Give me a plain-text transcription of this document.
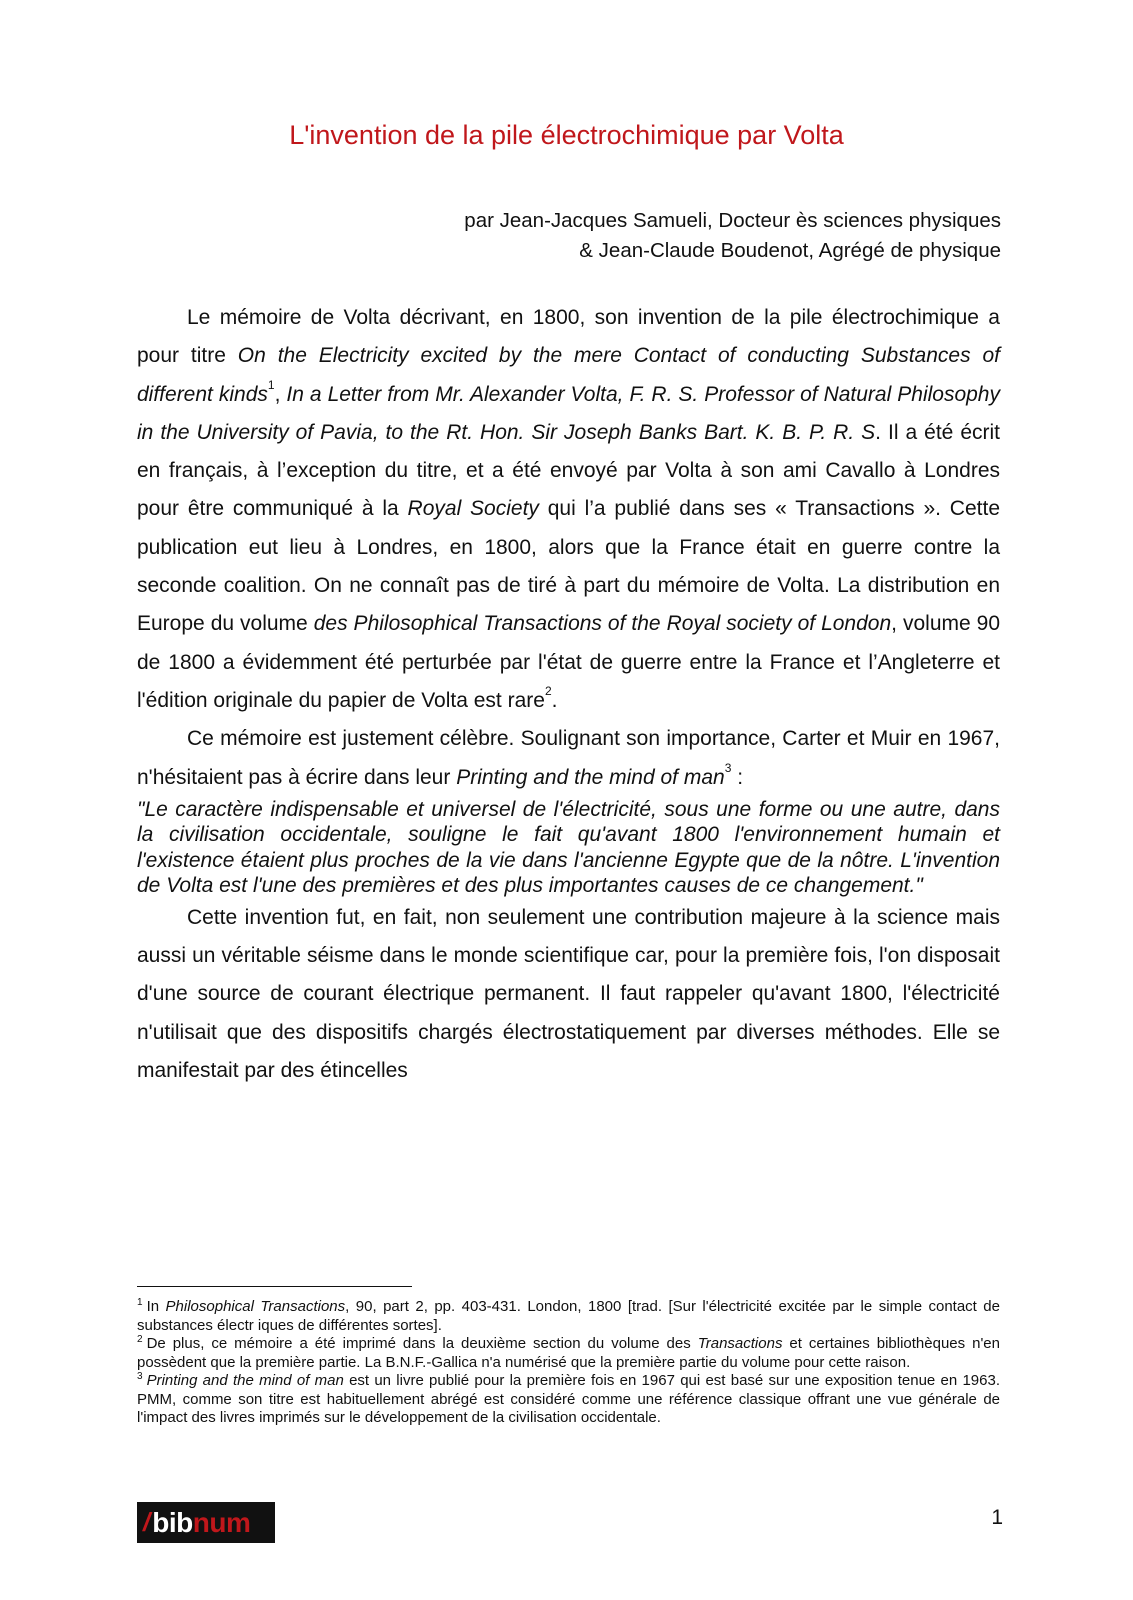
L'invention de la pile électrochimique par Volta
par Jean-Jacques Samueli, Docteur ès sciences physiques
& Jean-Claude Boudenot, Agrégé de physique

Le mémoire de Volta décrivant, en 1800, son invention de la pile électrochimique a pour titre On the Electricity excited by the mere Contact of conducting Substances of different kinds$^1$, In a Letter from Mr. Alexander Volta, F. R. S. Professor of Natural Philosophy in the University of Pavia, to the Rt. Hon. Sir Joseph Banks Bart. K. B. P. R. S. Il a été écrit en français, à l’exception du titre, et a été envoyé par Volta à son ami Cavallo à Londres pour être communiqué à la Royal Society qui l’a publié dans ses « Transactions ». Cette publication eut lieu à Londres, en 1800, alors que la France était en guerre contre la seconde coalition. On ne connaît pas de tiré à part du mémoire de Volta. La distribution en Europe du volume des Philosophical Transactions of the Royal society of London, volume 90 de 1800 a évidemment été perturbée par l'état de guerre entre la France et l’Angleterre et l'édition originale du papier de Volta est rare$^2$.

Ce mémoire est justement célèbre. Soulignant son importance, Carter et Muir en 1967, n'hésitaient pas à écrire dans leur Printing and the mind of man$^3$ :

"Le caractère indispensable et universel de l'électricité, sous une forme ou une autre, dans la civilisation occidentale, souligne le fait qu'avant 1800 l'environnement humain et l'existence étaient plus proches de la vie dans l'ancienne Egypte que de la nôtre. L'invention de Volta est l'une des premières et des plus importantes causes de ce changement."

Cette invention fut, en fait, non seulement une contribution majeure à la science mais aussi un véritable séisme dans le monde scientifique car, pour la première fois, l'on disposait d'une source de courant électrique permanent. Il faut rappeler qu'avant 1800, l'électricité n'utilisait que des dispositifs chargés électrostatiquement par diverses méthodes. Elle se manifestait par des étincelles

$^1$ In Philosophical Transactions, 90, part 2, pp. 403-431. London, 1800 [trad. [Sur l'électricité excitée par le simple contact de substances électr iques de différentes sortes].

$^2$ De plus, ce mémoire a été imprimé dans la deuxième section du volume des Transactions et certaines bibliothèques n'en possèdent que la première partie. La B.N.F.-Gallica n'a numérisé que la première partie du volume pour cette raison.

$^3$ Printing and the mind of man est un livre publié pour la première fois en 1967 qui est basé sur une exposition tenue en 1963. PMM, comme son titre est habituellement abrégé est considéré comme une référence classique offrant une vue générale de l'impact des livres imprimés sur le développement de la civilisation occidentale.

/ bib num	1
